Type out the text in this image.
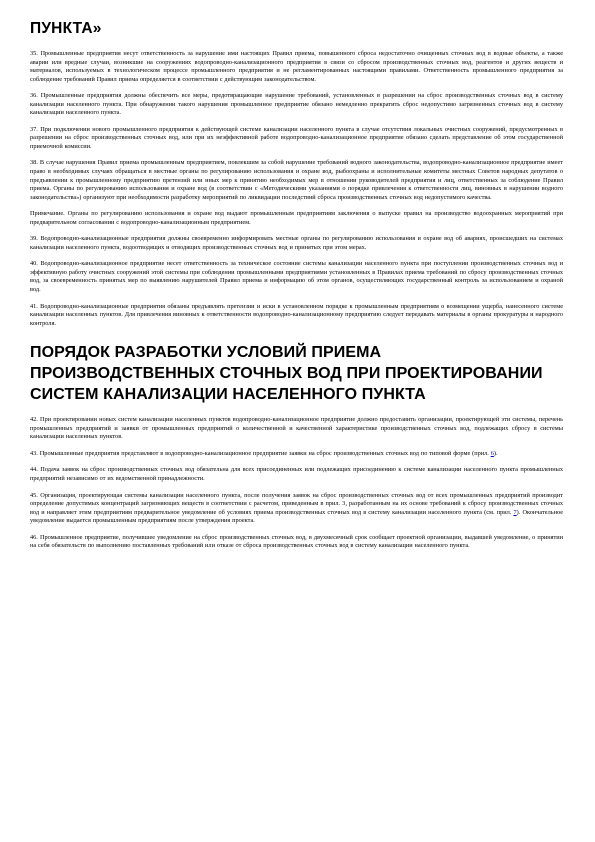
ПУНКТА»

35. Промышленные предприятия несут ответственность за нарушение ими настоящих Правил приема, повышенного сброса недостаточно очищенных сточных вод в водные объекты, а также аварии или вредные случаи, возникшие на сооружениях водопроводно-канализационного предприятия в связи со сбросом производственных сточных вод, реагентов и других веществ и материалов, используемых в технологическом процессе промышленного предприятия и не регламентированных настоящими правилами. Ответственность промышленного предприятия за соблюдение требований Правил приема определяется в соответствии с действующим законодательством.

36. Промышленные предприятия должны обеспечить все меры, предотвращающие нарушение требований, установленных в разрешении на сброс производственных сточных вод в систему канализации населенного пункта. При обнаружении такого нарушения промышленное предприятие обязано немедленно прекратить сброс недопустимо загрязненных сточных вод в систему канализации населенного пункта.

37. При подключении нового промышленного предприятия к действующей системе канализации населенного пункта в случае отсутствия локальных очистных сооружений, предусмотренных в разрешении на сброс производственных сточных вод, или при их неэффективной работе водопроводно-канализационное предприятие обязано сделать представление об этом государственной приемочной комиссии.

38. В случае нарушения Правил приема промышленным предприятием, повлекшим за собой нарушение требований водного законодательства, водопроводно-канализационное предприятие имеет право в необходимых случаях обращаться в местные органы по регулированию использования и охране вод, рыбоохраны и исполнительные комитеты местных Советов народных депутатов о предъявлении к промышленному предприятию претензий или иных мер к принятию необходимых мер в отношении руководителей предприятия и лиц, ответственных за соблюдение Правил приема. Органы по регулированию использования и охране вод (в соответствии с «Методическими указаниями о порядке привлечения к ответственности лиц, виновных в нарушении водного законодательства») организуют при необходимости разработку мероприятий по ликвидации последствий сброса производственных сточных вод недопустимого качества.

Примечание. Органы по регулированию использования и охране вод выдают промышленным предприятиям заключения о выпуске правил на производство водоохранных мероприятий при предварительном согласовании с водопроводно-канализационным предприятием.

39. Водопроводно-канализационные предприятия должны своевременно информировать местные органы по регулированию использования и охране вод об авариях, происшедших на системах канализации населенного пункта, водоотводящих и отводящих производственных сточных вод и принятых при этом мерах.

40. Водопроводно-канализационное предприятие несет ответственность за техническое состояние системы канализации населенного пункта при поступлении производственных сточных вод и эффективную работу очистных сооружений этой системы при соблюдении промышленными предприятиями установленных в Правилах приема требований по сбросу производственных сточных вод, за своевременность принятых мер по выявлению нарушителей Правил приема и информацию об этом органов, осуществляющих государственный контроль за использованием и охраной вод.

41. Водопроводно-канализационные предприятия обязаны предъявлять претензии и иски в установленном порядке к промышленным предприятиям о возмещении ущерба, нанесенного системе канализации населенных пунктов. Для привлечения виновных к ответственности водопроводно-канализационному предприятию следует передавать материалы в органы прокуратуры и народного контроля.

ПОРЯДОК РАЗРАБОТКИ УСЛОВИЙ ПРИЕМА ПРОИЗВОДСТВЕННЫХ СТОЧНЫХ ВОД ПРИ ПРОЕКТИРОВАНИИ СИСТЕМ КАНАЛИЗАЦИИ НАСЕЛЕННОГО ПУНКТА

42. При проектировании новых систем канализации населенных пунктов водопроводно-канализационное предприятие должно предоставить организации, проектирующей эти системы, перечень промышленных предприятий и заявки от промышленных предприятий о количественной и качественной характеристике производственных сточных вод, подлежащих сбросу в системы канализации населенных пунктов.

43. Промышленные предприятия представляют в водопроводно-канализационное предприятие заявки на сброс производственных сточных вод по типовой форме (прил. 6).

44. Подача заявок на сброс производственных сточных вод обязательна для всех присоединенных или подлежащих присоединению к системе канализации населенного пункта промышленных предприятий независимо от их ведомственной принадлежности.

45. Организация, проектирующая системы канализации населенного пункта, после получения заявок на сброс производственных сточных вод от всех промышленных предприятий производит определение допустимых концентраций загрязняющих веществ в соответствии с расчетом, приведенным в прил. 3, разработанным на их основе требований к сбросу производственных сточных вод и направляет этим предприятиям предварительное уведомление об условиях приема производственных сточных вод в систему канализации населенного пункта (см. прил. 7). Окончательное уведомление выдается промышленным предприятиям после утверждения проекта.

46. Промышленное предприятие, получившее уведомление на сброс производственных сточных вод, в двухмесячный срок сообщает проектной организации, выдавшей уведомление, о принятии на себя обязательств по выполнению поставленных требований или отказе от сброса производственных сточных вод в систему канализации населенного пункта.
